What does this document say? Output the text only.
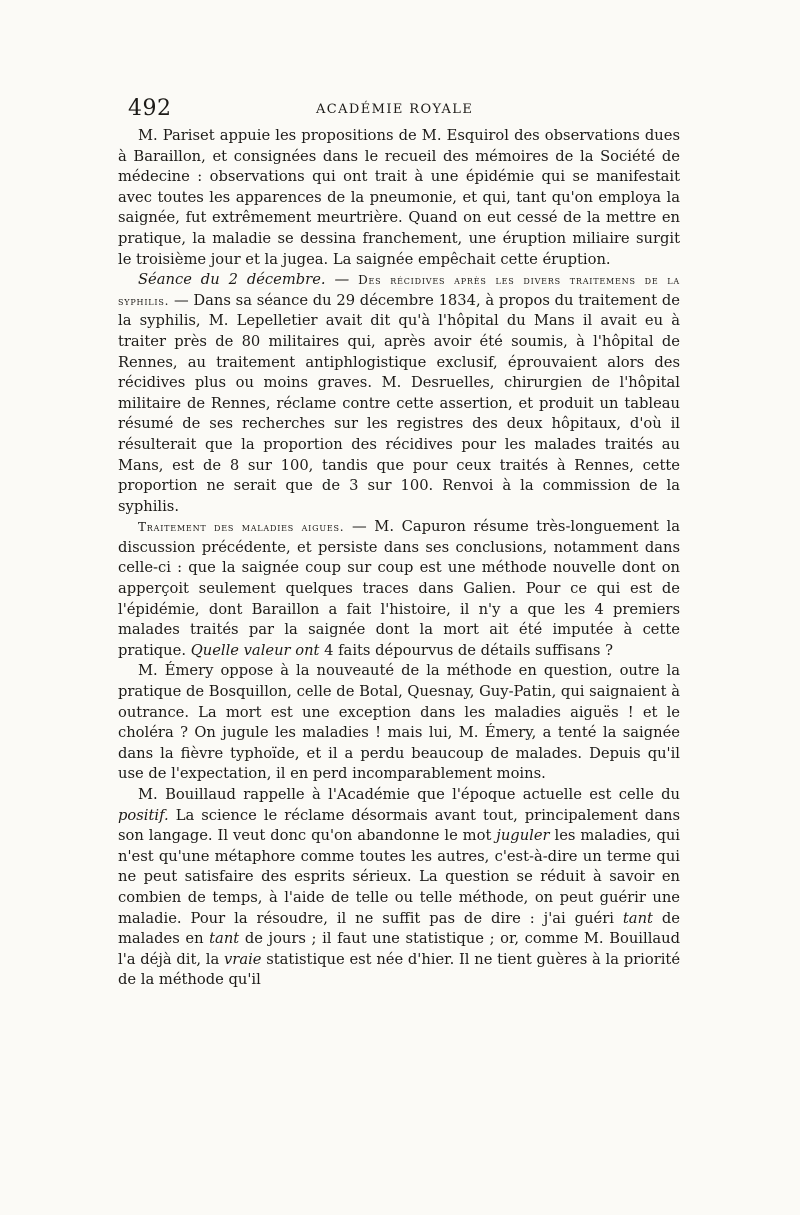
492	ACADÉMIE ROYALE

M. Pariset appuie les propositions de M. Esquirol des observations dues à Baraillon, et consignées dans le recueil des mémoires de la Société de médecine : observations qui ont trait à une épidémie qui se manifestait avec toutes les apparences de la pneumonie, et qui, tant qu'on employa la saignée, fut extrêmement meurtrière. Quand on eut cessé de la mettre en pratique, la maladie se dessina franchement, une éruption miliaire surgit le troisième jour et la jugea. La saignée empêchait cette éruption.

Séance du 2 décembre. — Des récidives après les divers traitemens de la syphilis. — Dans sa séance du 29 décembre 1834, à propos du traitement de la syphilis, M. Lepelletier avait dit qu'à l'hôpital du Mans il avait eu à traiter près de 80 militaires qui, après avoir été soumis, à l'hôpital de Rennes, au traitement antiphlogistique exclusif, éprouvaient alors des récidives plus ou moins graves. M. Desruelles, chirurgien de l'hôpital militaire de Rennes, réclame contre cette assertion, et produit un tableau résumé de ses recherches sur les registres des deux hôpitaux, d'où il résulterait que la proportion des récidives pour les malades traités au Mans, est de 8 sur 100, tandis que pour ceux traités à Rennes, cette proportion ne serait que de 3 sur 100. Renvoi à la commission de la syphilis.

Traitement des maladies aigues. — M. Capuron résume très-longuement la discussion précédente, et persiste dans ses conclusions, notamment dans celle-ci : que la saignée coup sur coup est une méthode nouvelle dont on apperçoit seulement quelques traces dans Galien. Pour ce qui est de l'épidémie, dont Baraillon a fait l'histoire, il n'y a que les 4 premiers malades traités par la saignée dont la mort ait été imputée à cette pratique. Quelle valeur ont 4 faits dépourvus de détails suffisans ?

M. Émery oppose à la nouveauté de la méthode en question, outre la pratique de Bosquillon, celle de Botal, Quesnay, Guy-Patin, qui saignaient à outrance. La mort est une exception dans les maladies aiguës ! et le choléra ? On jugule les maladies ! mais lui, M. Émery, a tenté la saignée dans la fièvre typhoïde, et il a perdu beaucoup de malades. Depuis qu'il use de l'expectation, il en perd incomparablement moins.

M. Bouillaud rappelle à l'Académie que l'époque actuelle est celle du positif. La science le réclame désormais avant tout, principalement dans son langage. Il veut donc qu'on abandonne le mot juguler les maladies, qui n'est qu'une métaphore comme toutes les autres, c'est-à-dire un terme qui ne peut satisfaire des esprits sérieux. La question se réduit à savoir en combien de temps, à l'aide de telle ou telle méthode, on peut guérir une maladie. Pour la résoudre, il ne suffit pas de dire : j'ai guéri tant de malades en tant de jours ; il faut une statistique ; or, comme M. Bouillaud l'a déjà dit, la vraie statistique est née d'hier. Il ne tient guères à la priorité de la méthode qu'il
